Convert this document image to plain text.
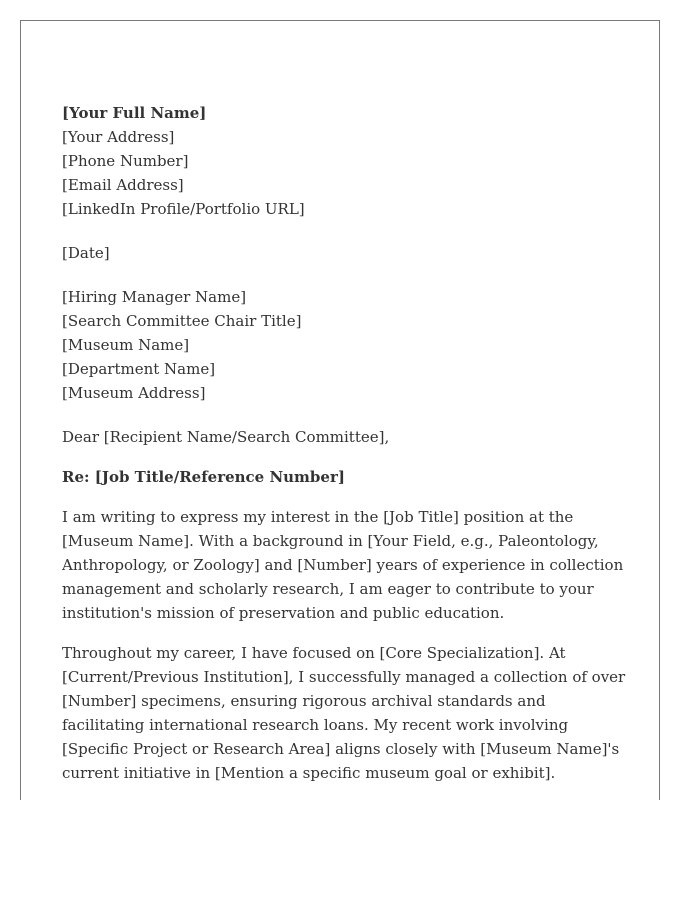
[Your Full Name]
[Your Address]
[Phone Number]
[Email Address]
[LinkedIn Profile/Portfolio URL]
[Date]
[Hiring Manager Name]
[Search Committee Chair Title]
[Museum Name]
[Department Name]
[Museum Address]
Dear [Recipient Name/Search Committee],
Re: [Job Title/Reference Number]

I am writing to express my interest in the [Job Title] position at the [Museum Name]. With a background in [Your Field, e.g., Paleontology, Anthropology, or Zoology] and [Number] years of experience in collection management and scholarly research, I am eager to contribute to your institution's mission of preservation and public education.

Throughout my career, I have focused on [Core Specialization]. At [Current/Previous Institution], I successfully managed a collection of over [Number] specimens, ensuring rigorous archival standards and facilitating international research loans. My recent work involving [Specific Project or Research Area] aligns closely with [Museum Name]'s current initiative in [Mention a specific museum goal or exhibit].
